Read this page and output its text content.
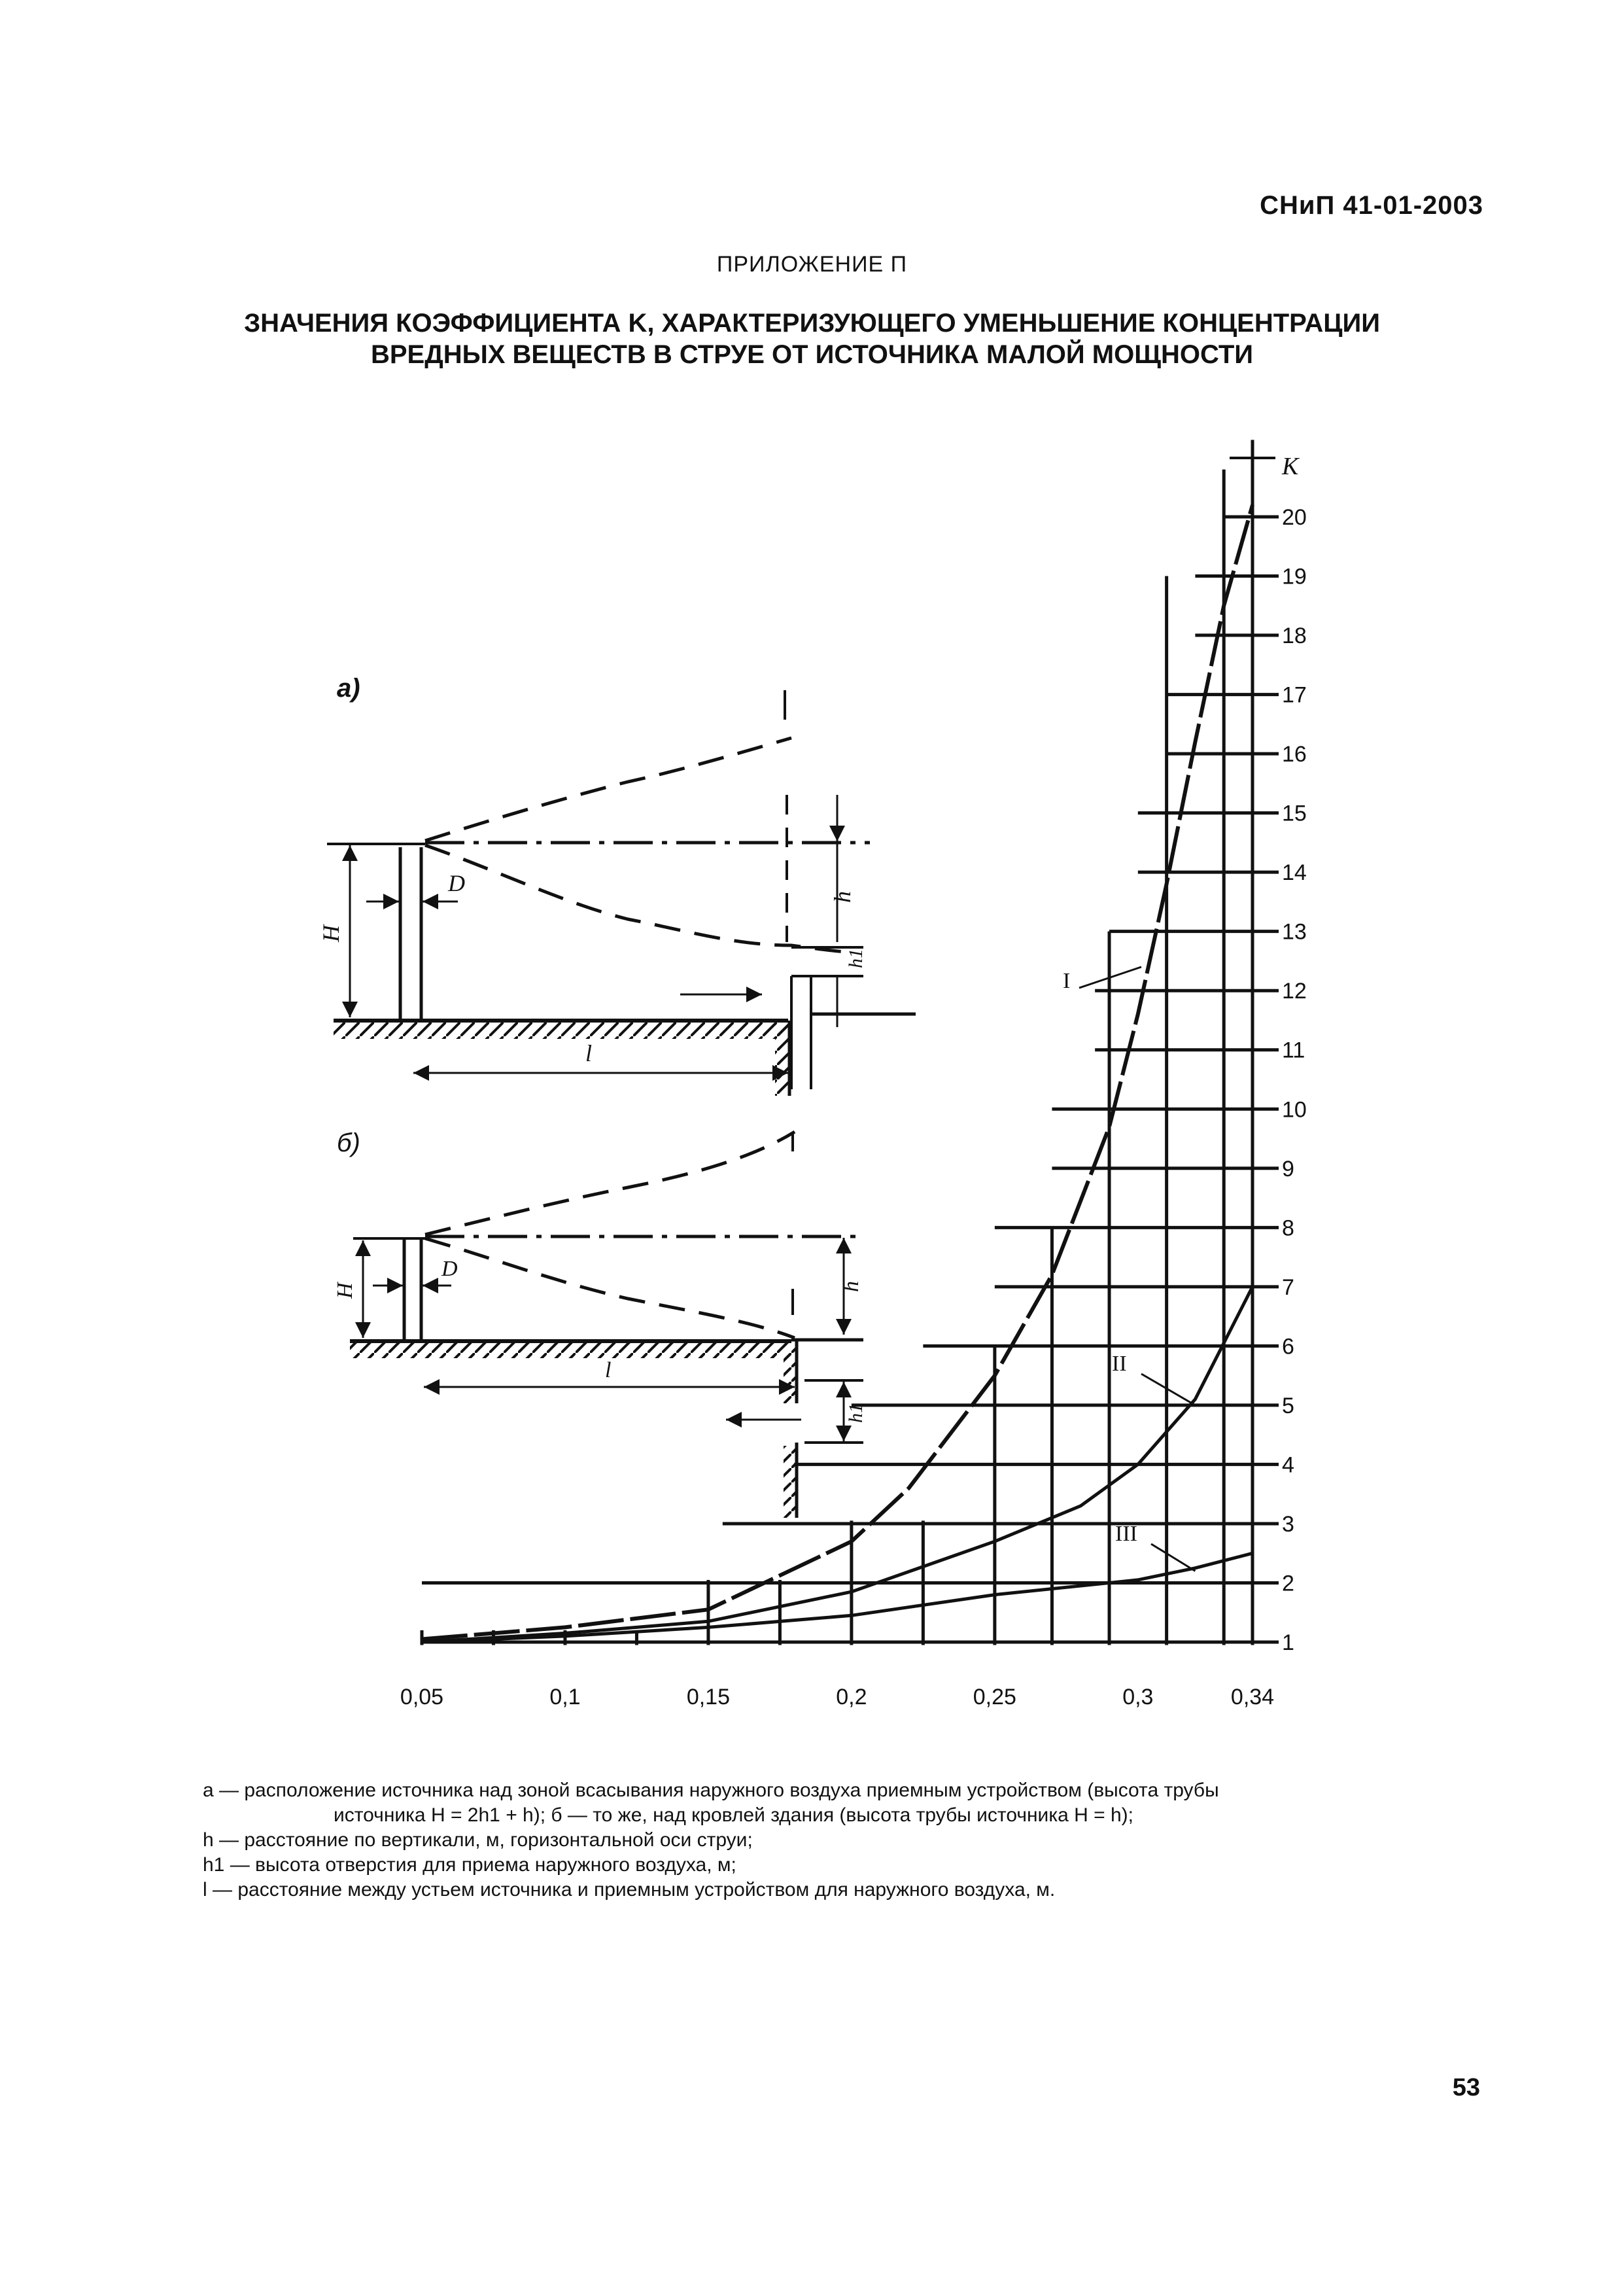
СНиП 41-01-2003
ПРИЛОЖЕНИЕ П
ЗНАЧЕНИЯ КОЭФФИЦИЕНТА K, ХАРАКТЕРИЗУЮЩЕГО УМЕНЬШЕНИЕ КОНЦЕНТРАЦИИ
ВРЕДНЫХ ВЕЩЕСТВ В СТРУЕ ОТ ИСТОЧНИКА МАЛОЙ МОЩНОСТИ
а)
H
D
h
h1
l
б)
H
D
h
h1
l
I
II
III
1
2
3
4
5
6
7
8
9
10
11
12
13
14
15
16
17
18
19
20
K
0,05	0,1	0,15	0,2	0,25	0,3	0,34

а — расположение источника над зоной всасывания наружного воздуха приемным устройством (высота трубы

источника H = 2h1 + h); б — то же, над кровлей здания (высота трубы источника H = h);

h — расстояние по вертикали, м, горизонтальной оси струи;

h1 — высота отверстия для приема наружного воздуха, м;

l — расстояние между устьем источника и приемным устройством для наружного воздуха, м.

53
